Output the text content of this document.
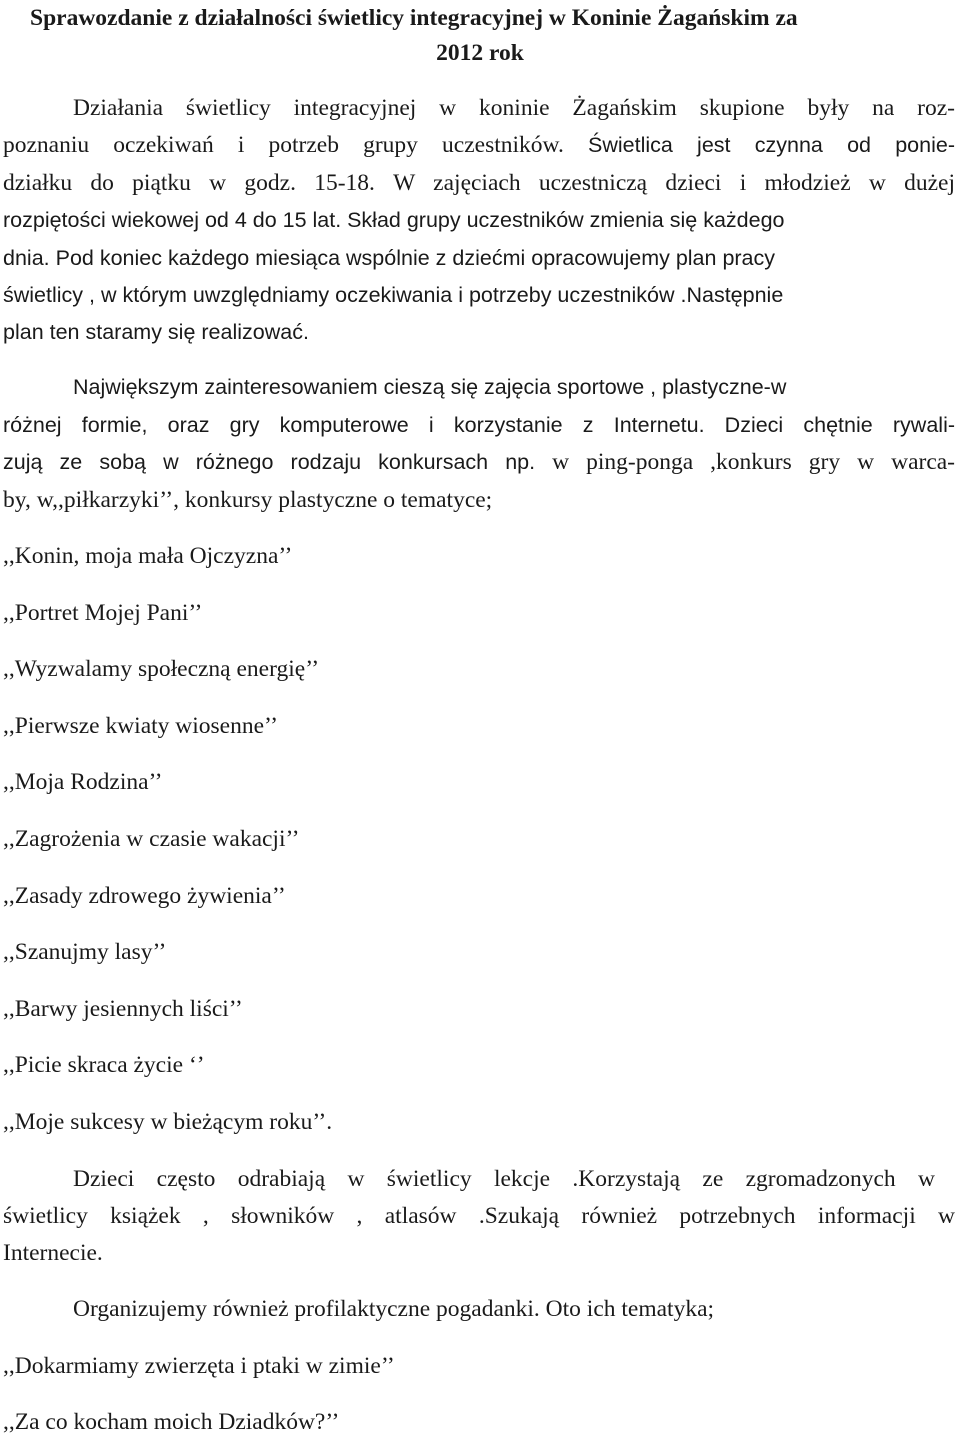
Sprawozdanie z działalności świetlicy integracyjnej w Koninie Żagańskim za
2012 rok
Działania świetlicy integracyjnej w koninie Żagańskim skupione były na roz-
poznaniu oczekiwań i potrzeb grupy uczestników. Świetlica jest czynna od ponie-
działku do piątku w godz. 15-18. W zajęciach uczestniczą dzieci i młodzież w dużej
rozpiętości wiekowej od 4 do 15 lat. Skład grupy uczestników zmienia się każdego
dnia. Pod koniec każdego miesiąca wspólnie z dziećmi opracowujemy plan pracy
świetlicy , w którym uwzględniamy oczekiwania i potrzeby uczestników .Następnie
plan ten staramy się realizować.
Największym zainteresowaniem cieszą się zajęcia sportowe , plastyczne-w
różnej formie, oraz gry komputerowe i korzystanie z Internetu. Dzieci chętnie rywali-
zują ze sobą w różnego rodzaju konkursach np. w ping-ponga ,konkurs gry w warca-
by, w,,piłkarzyki’’, konkursy plastyczne o tematyce;
,,Konin, moja mała Ojczyzna’’
,,Portret Mojej Pani’’
,,Wyzwalamy społeczną energię’’
,,Pierwsze kwiaty wiosenne’’
,,Moja Rodzina’’
,,Zagrożenia w czasie wakacji’’
,,Zasady zdrowego żywienia’’
,,Szanujmy lasy’’
,,Barwy jesiennych liści’’
,,Picie skraca życie ‘’
,,Moje sukcesy w bieżącym roku’’.
Dzieci często odrabiają w świetlicy lekcje .Korzystają ze zgromadzonych w
świetlicy książek , słowników , atlasów .Szukają również potrzebnych informacji w
Internecie.
Organizujemy również profilaktyczne pogadanki. Oto ich tematyka;
,,Dokarmiamy zwierzęta i ptaki w zimie’’
,,Za co kocham moich Dziadków?’’
